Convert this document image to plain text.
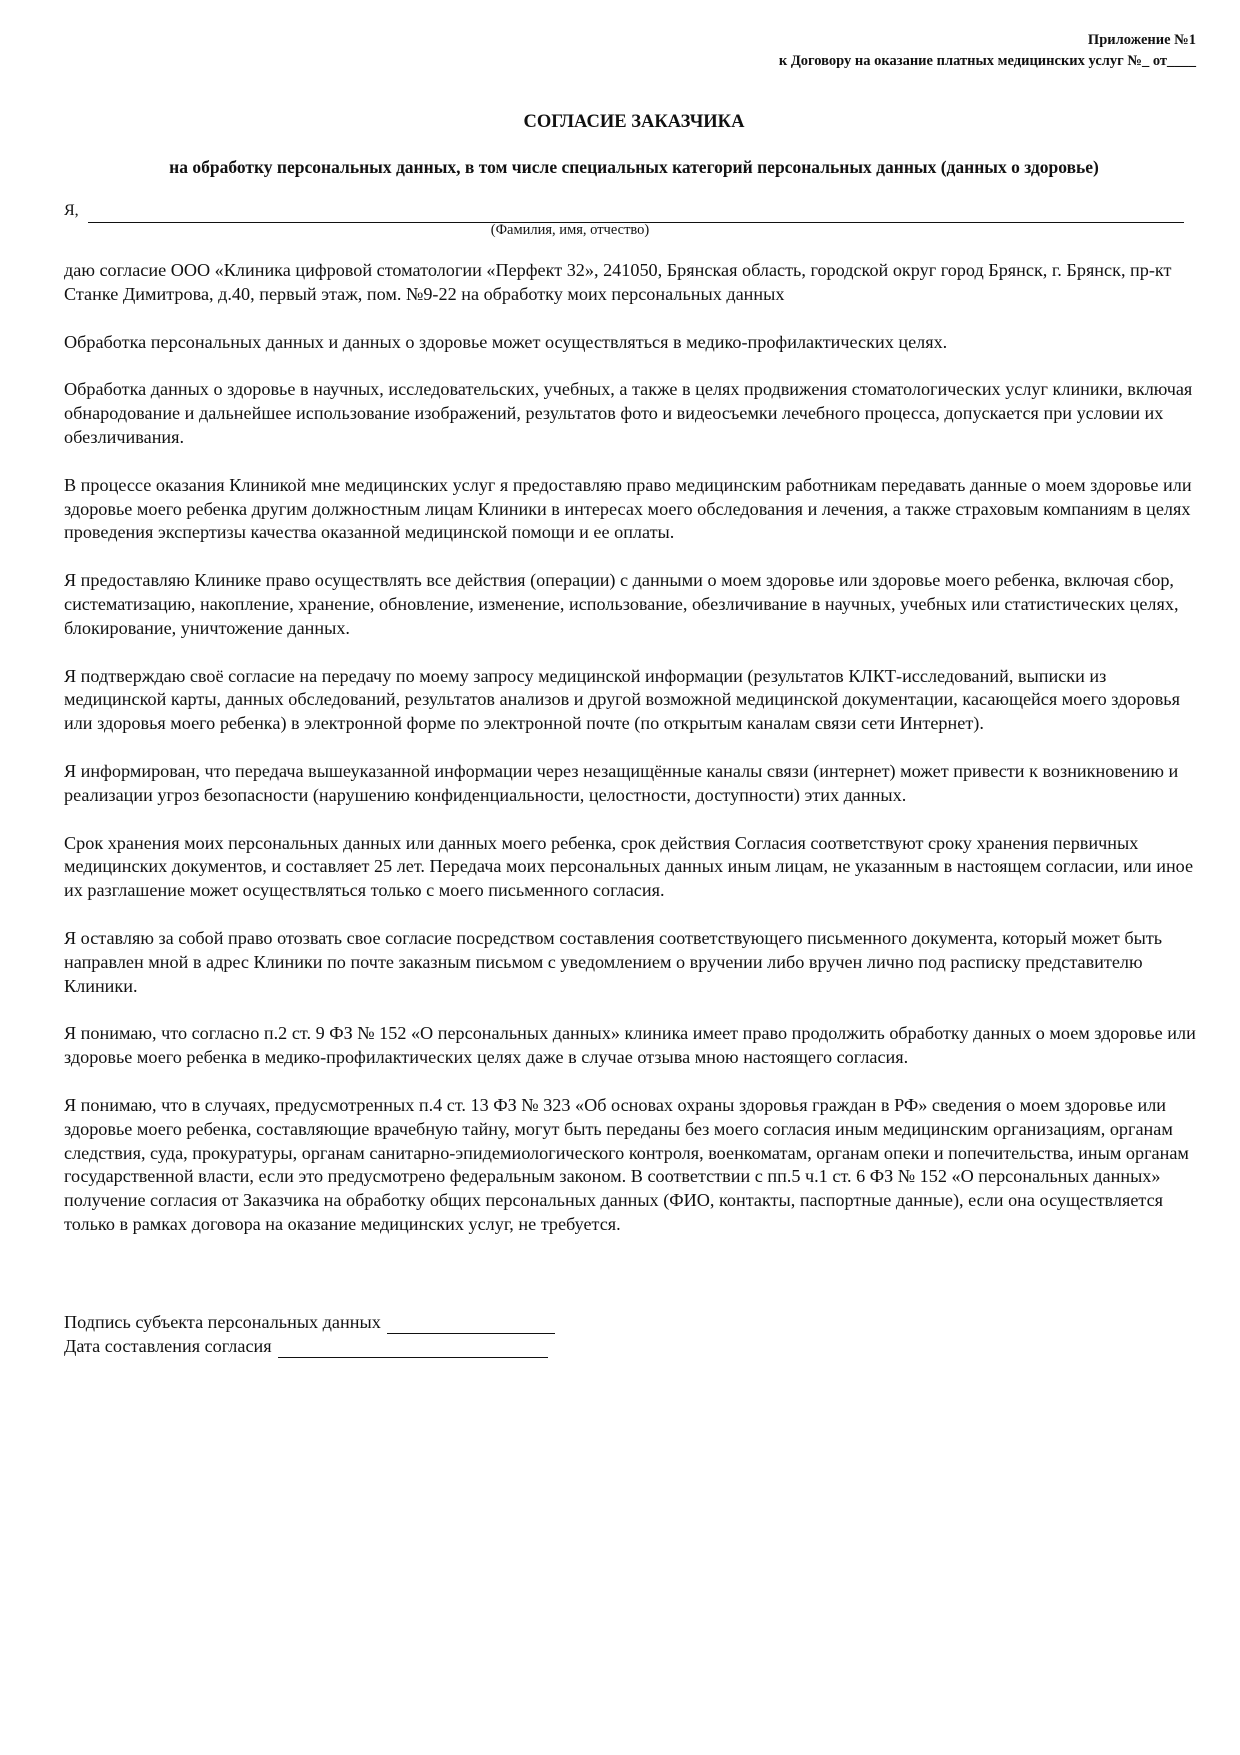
Приложение №1
к Договору на оказание платных медицинских услуг №_ от____
СОГЛАСИЕ ЗАКАЗЧИКА
на обработку персональных данных, в том числе специальных категорий персональных данных (данных о здоровье)
Я,
(Фамилия, имя, отчество)

даю согласие ООО «Клиника цифровой стоматологии «Перфект 32», 241050, Брянская область, городской округ город Брянск, г. Брянск, пр-кт Станке Димитрова, д.40, первый этаж, пом. №9-22 на обработку моих персональных данных

Обработка персональных данных и данных о здоровье может осуществляться в медико-профилактических целях.

Обработка данных о здоровье в научных, исследовательских, учебных, а также в целях продвижения стоматологических услуг клиники, включая обнародование и дальнейшее использование изображений, результатов фото и видеосъемки лечебного процесса, допускается при условии их обезличивания.

В процессе оказания Клиникой мне медицинских услуг я предоставляю право медицинским работникам передавать данные о моем здоровье или здоровье моего ребенка другим должностным лицам Клиники в интересах моего обследования и лечения, а также страховым компаниям в целях проведения экспертизы качества оказанной медицинской помощи и ее оплаты.

Я предоставляю Клинике право осуществлять все действия (операции) с данными о моем здоровье или здоровье моего ребенка, включая сбор, систематизацию, накопление, хранение, обновление, изменение, использование, обезличивание в научных, учебных или статистических целях, блокирование, уничтожение данных.

Я подтверждаю своё согласие на передачу по моему запросу медицинской информации (результатов КЛКТ-исследований, выписки из медицинской карты, данных обследований, результатов анализов и другой возможной медицинской документации, касающейся моего здоровья или здоровья моего ребенка) в электронной форме по электронной почте (по открытым каналам связи сети Интернет).

Я информирован, что передача вышеуказанной информации через незащищённые каналы связи (интернет) может привести к возникновению и реализации угроз безопасности (нарушению конфиденциальности, целостности, доступности) этих данных.

Срок хранения моих персональных данных или данных моего ребенка, срок действия Согласия соответствуют сроку хранения первичных медицинских документов, и составляет 25 лет. Передача моих персональных данных иным лицам, не указанным в настоящем согласии, или иное их разглашение может осуществляться только с моего письменного согласия.

Я оставляю за собой право отозвать свое согласие посредством составления соответствующего письменного документа, который может быть направлен мной в адрес Клиники по почте заказным письмом с уведомлением о вручении либо вручен лично под расписку представителю Клиники.

Я понимаю, что согласно п.2 ст. 9 ФЗ № 152 «О персональных данных» клиника имеет право продолжить обработку данных о моем здоровье или здоровье моего ребенка в медико-профилактических целях даже в случае отзыва мною настоящего согласия.

Я понимаю, что в случаях, предусмотренных п.4 ст. 13 ФЗ № 323 «Об основах охраны здоровья граждан в РФ» сведения о моем здоровье или здоровье моего ребенка, составляющие врачебную тайну, могут быть переданы без моего согласия иным медицинским организациям, органам следствия, суда, прокуратуры, органам санитарно-эпидемиологического контроля, военкоматам, органам опеки и попечительства, иным органам государственной власти, если это предусмотрено федеральным законом. В соответствии с пп.5 ч.1 ст. 6 ФЗ № 152 «О персональных данных» получение согласия от Заказчика на обработку общих персональных данных (ФИО, контакты, паспортные данные), если она осуществляется только в рамках договора на оказание медицинских услуг, не требуется.

Подпись субъекта персональных данных
Дата составления согласия
